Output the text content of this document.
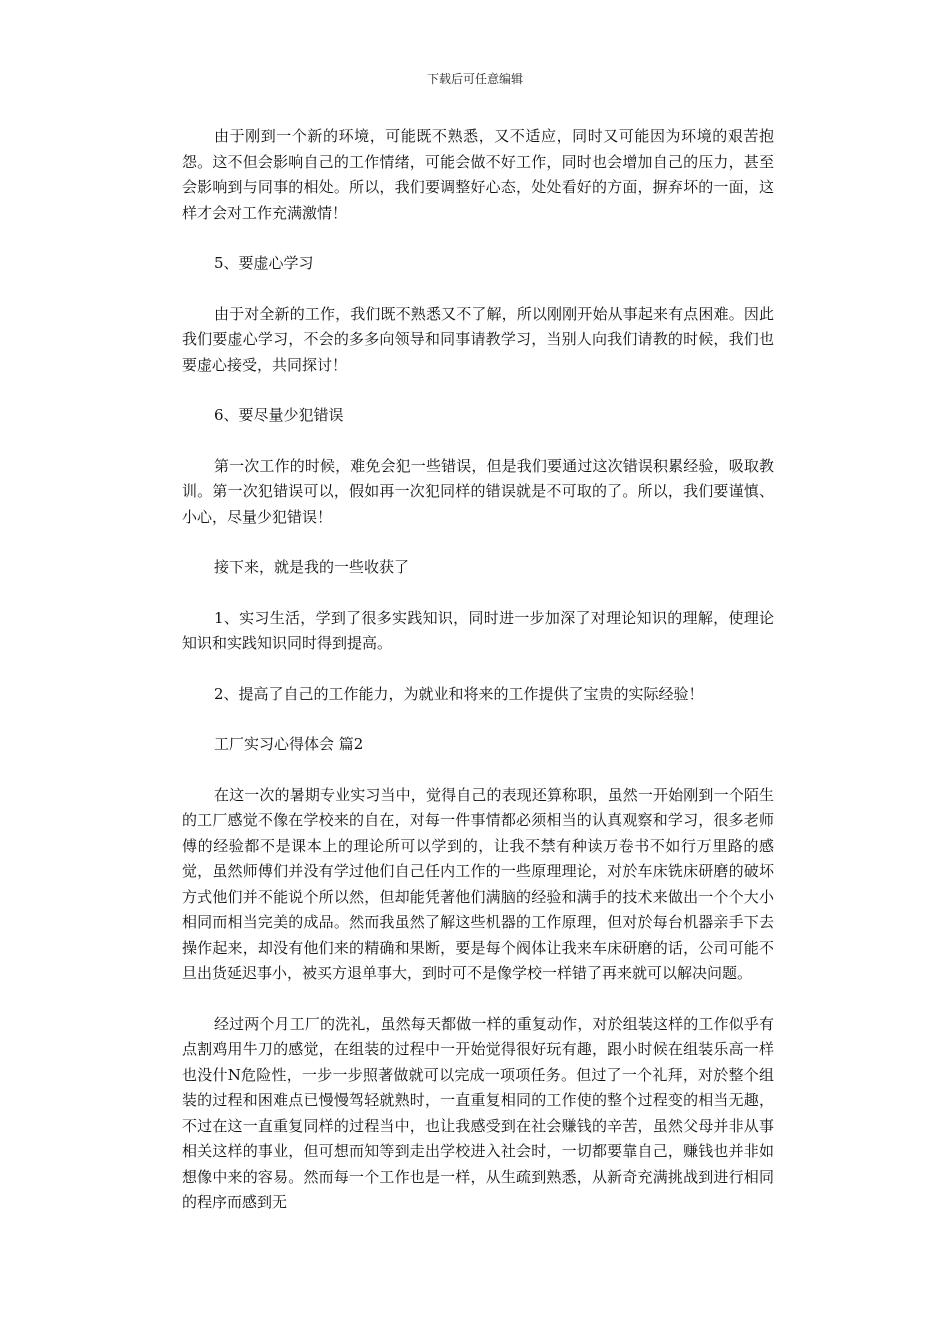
下载后可任意编辑

由于刚到一个新的环境，可能既不熟悉，又不适应，同时又可能因为环境的艰苦抱怨。这不但会影响自己的工作情绪，可能会做不好工作，同时也会增加自己的压力，甚至会影响到与同事的相处。所以，我们要调整好心态，处处看好的方面，摒弃坏的一面，这样才会对工作充满激情！

5、要虚心学习

由于对全新的工作，我们既不熟悉又不了解，所以刚刚开始从事起来有点困难。因此我们要虚心学习，不会的多多向领导和同事请教学习，当别人向我们请教的时候，我们也要虚心接受，共同探讨！

6、要尽量少犯错误

第一次工作的时候，难免会犯一些错误，但是我们要通过这次错误积累经验，吸取教训。第一次犯错误可以，假如再一次犯同样的错误就是不可取的了。所以，我们要谨慎、小心，尽量少犯错误！

接下来，就是我的一些收获了

1、实习生活，学到了很多实践知识，同时进一步加深了对理论知识的理解，使理论知识和实践知识同时得到提高。

2、提高了自己的工作能力，为就业和将来的工作提供了宝贵的实际经验！

工厂实习心得体会 篇2

在这一次的暑期专业实习当中，觉得自己的表现还算称职，虽然一开始刚到一个陌生的工厂感觉不像在学校来的自在，对每一件事情都必须相当的认真观察和学习，很多老师傅的经验都不是课本上的理论所可以学到的，让我不禁有种读万卷书不如行万里路的感觉，虽然师傅们并没有学过他们自己任内工作的一些原理理论，对於车床铣床研磨的破坏方式他们并不能说个所以然，但却能凭著他们满脑的经验和满手的技术来做出一个个大小相同而相当完美的成品。然而我虽然了解这些机器的工作原理，但对於每台机器亲手下去操作起来，却没有他们来的精确和果断，要是每个阀体让我来车床研磨的话，公司可能不旦出货延迟事小，被买方退单事大，到时可不是像学校一样错了再来就可以解决问题。

经过两个月工厂的洗礼，虽然每天都做一样的重复动作，对於组装这样的工作似乎有点割鸡用牛刀的感觉，在组装的过程中一开始觉得很好玩有趣，跟小时候在组装乐高一样也没什N危险性，一步一步照著做就可以完成一项项任务。但过了一个礼拜，对於整个组装的过程和困难点已慢慢驾轻就熟时，一直重复相同的工作使的整个过程变的相当无趣，不过在这一直重复同样的过程当中，也让我感受到在社会赚钱的辛苦，虽然父母并非从事相关这样的事业，但可想而知等到走出学校进入社会时，一切都要靠自己，赚钱也并非如想像中来的容易。然而每一个工作也是一样，从生疏到熟悉，从新奇充满挑战到进行相同的程序而感到无
